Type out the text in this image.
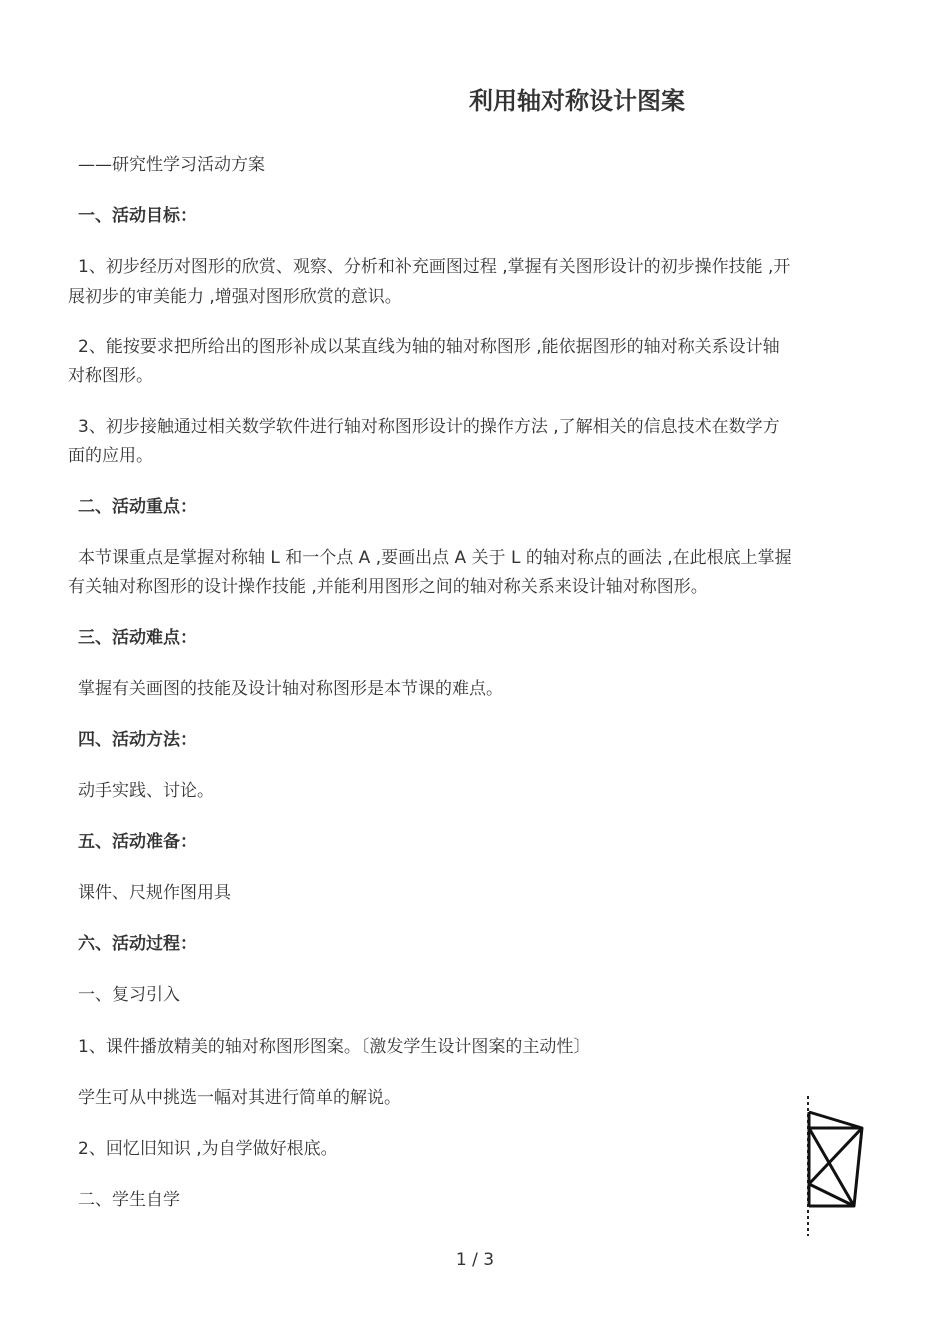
利用轴对称设计图案
——研究性学习活动方案
一、活动目标：
1、初步经历对图形的欣赏、观察、分析和补充画图过程 ,掌握有关图形设计的初步操作技能 ,开
展初步的审美能力 ,增强对图形欣赏的意识。
2、能按要求把所给出的图形补成以某直线为轴的轴对称图形 ,能依据图形的轴对称关系设计轴
对称图形。
3、初步接触通过相关数学软件进行轴对称图形设计的操作方法 ,了解相关的信息技术在数学方
面的应用。
二、活动重点：
本节课重点是掌握对称轴 L 和一个点 A ,要画出点 A 关于 L 的轴对称点的画法 ,在此根底上掌握
有关轴对称图形的设计操作技能 ,并能利用图形之间的轴对称关系来设计轴对称图形。
三、活动难点：
掌握有关画图的技能及设计轴对称图形是本节课的难点。
四、活动方法：
动手实践、讨论。
五、活动准备：
课件、尺规作图用具
六、活动过程：
一、复习引入
1、课件播放精美的轴对称图形图案。〔激发学生设计图案的主动性〕
学生可从中挑选一幅对其进行简单的解说。
2、回忆旧知识 ,为自学做好根底。
二、学生自学
1 / 3
